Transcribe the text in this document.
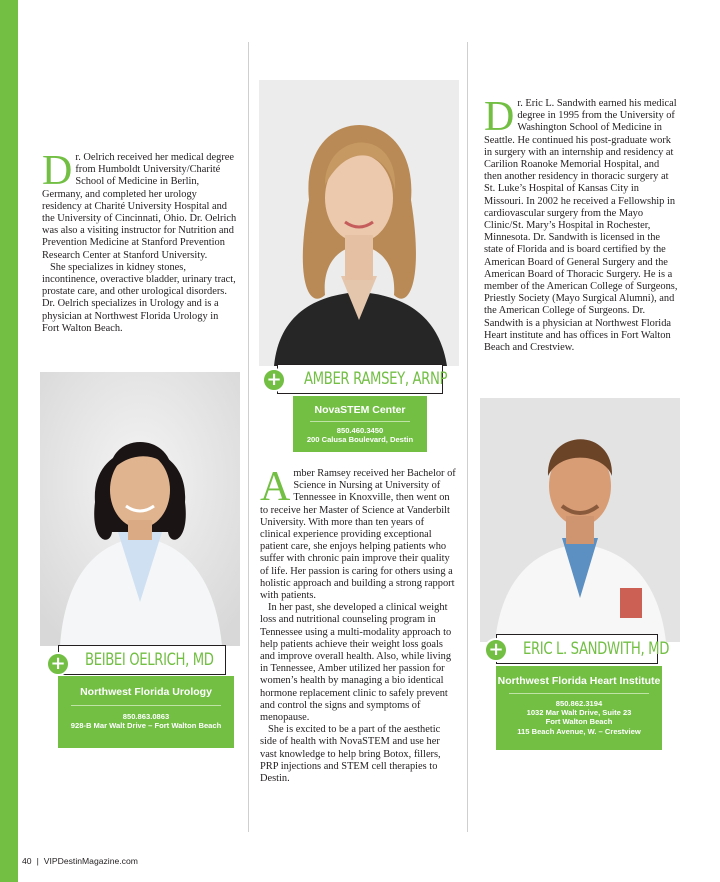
Dr. Oelrich received her medical degree from Humboldt University/Charité School of Medicine in Berlin, Germany, and completed her urology residency at Charité University Hospital and the University of Cincinnati, Ohio. Dr. Oelrich was also a visiting instructor for Nutrition and Prevention Medicine at Stanford Prevention Research Center at Stanford University.

She specializes in kidney stones, incontinence, overactive bladder, urinary tract, prostate care, and other urological disorders. Dr. Oelrich specializes in Urology and is a physician at Northwest Florida Urology in Fort Walton Beach.

BEIBEI OELRICH, MD
+
Northwest Florida Urology
850.863.0863
928-B Mar Walt Drive – Fort Walton Beach
AMBER RAMSEY, ARNP
+
NovaSTEM Center
850.460.3450
200 Calusa Boulevard, Destin

Amber Ramsey received her Bachelor of Science in Nursing at University of Tennessee in Knoxville, then went on to receive her Master of Science at Vanderbilt University. With more than ten years of clinical experience providing exceptional patient care, she enjoys helping patients who suffer with chronic pain improve their quality of life. Her passion is caring for others using a holistic approach and building a strong rapport with patients.

In her past, she developed a clinical weight loss and nutritional counseling program in Tennessee using a multi-modality approach to help patients achieve their weight loss goals and improve overall health. Also, while living in Tennessee, Amber utilized her passion for women’s health by managing a bio identical hormone replacement clinic to safely prevent and control the signs and symptoms of menopause.

She is excited to be a part of the aesthetic side of health with NovaSTEM and use her vast knowledge to help bring Botox, fillers, PRP injections and STEM cell therapies to Destin.

Dr. Eric L. Sandwith earned his medical degree in 1995 from the University of Washington School of Medicine in Seattle. He continued his post-graduate work in surgery with an internship and residency at Carilion Roanoke Memorial Hospital, and then another residency in thoracic surgery at St. Luke’s Hospital of Kansas City in Missouri. In 2002 he received a Fellowship in cardiovascular surgery from the Mayo Clinic/St. Mary’s Hospital in Rochester, Minnesota. Dr. Sandwith is licensed in the state of Florida and is board certified by the American Board of General Surgery and the American Board of Thoracic Surgery. He is a member of the American College of Surgeons, Priestly Society (Mayo Surgical Alumni), and the American College of Surgeons. Dr. Sandwith is a physician at Northwest Florida Heart institute and has offices in Fort Walton Beach and Crestview.

ERIC L. SANDWITH, MD
+
Northwest Florida Heart Institute
850.862.3194
1032 Mar Walt Drive, Suite 23
Fort Walton Beach
115 Beach Avenue, W. – Crestview
40 | VIPDestinMagazine.com
